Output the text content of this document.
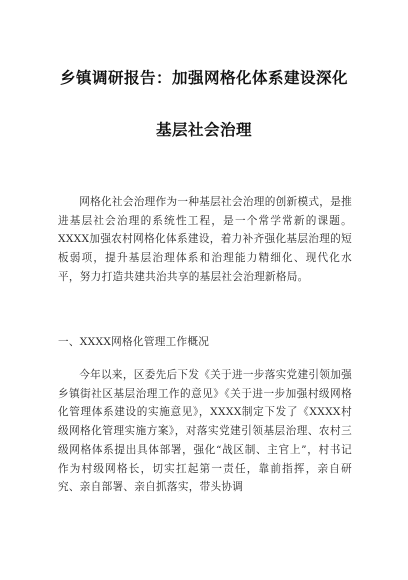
乡镇调研报告：加强网格化体系建设深化
基层社会治理
网格化社会治理作为一种基层社会治理的创新模式，是推进基层社会治理的系统性工程，是一个常学常新的课题。XXXX加强农村网格化体系建设，着力补齐强化基层治理的短板弱项，提升基层治理体系和治理能力精细化、现代化水平，努力打造共建共治共享的基层社会治理新格局。
一、XXXX网格化管理工作概况
今年以来，区委先后下发《关于进一步落实党建引领加强乡镇街社区基层治理工作的意见》《关于进一步加强村级网格化管理体系建设的实施意见》，XXXX制定下发了《XXXX村级网格化管理实施方案》，对落实党建引领基层治理、农村三级网格体系提出具体部署，强化“战区制、主官上”，村书记作为村级网格长，切实扛起第一责任，靠前指挥，亲自研究、亲自部署、亲自抓落实，带头协调
